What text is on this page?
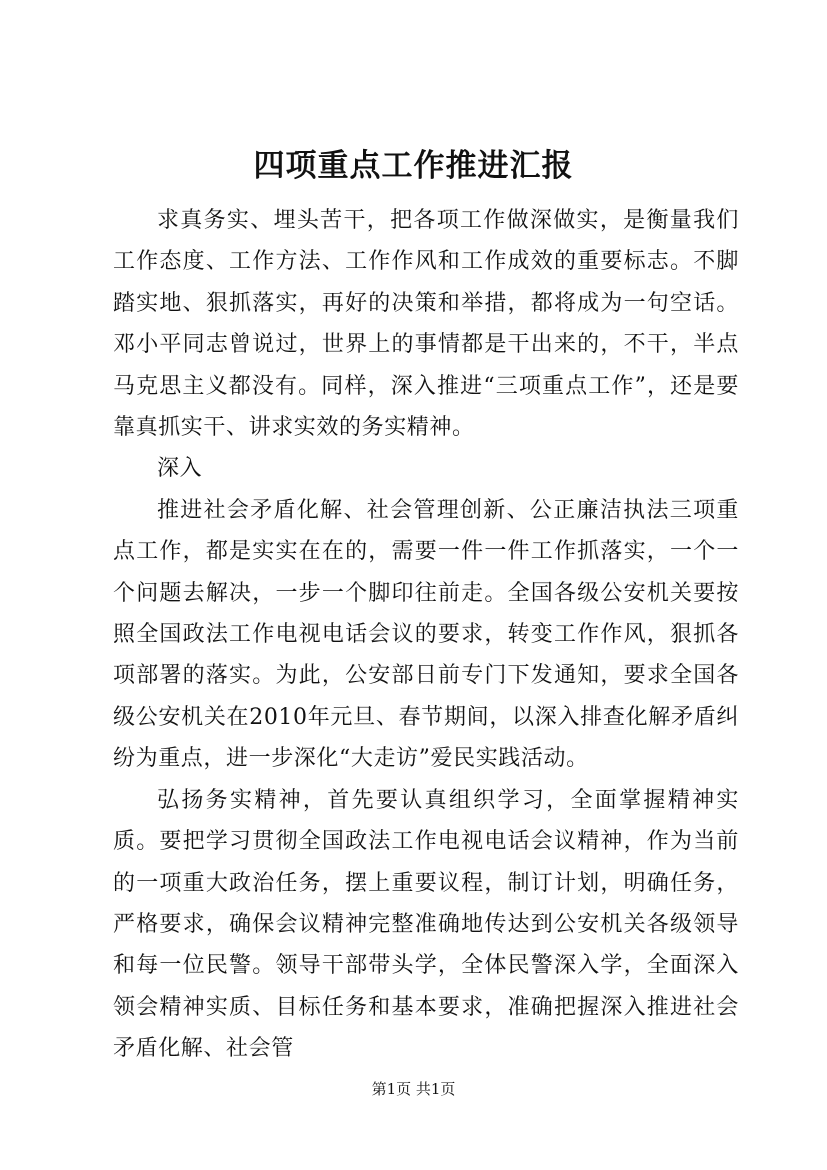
四项重点工作推进汇报

求真务实、埋头苦干，把各项工作做深做实，是衡量我们工作态度、工作方法、工作作风和工作成效的重要标志。不脚踏实地、狠抓落实，再好的决策和举措，都将成为一句空话。邓小平同志曾说过，世界上的事情都是干出来的，不干，半点马克思主义都没有。同样，深入推进“三项重点工作”，还是要靠真抓实干、讲求实效的务实精神。

深入

推进社会矛盾化解、社会管理创新、公正廉洁执法三项重点工作，都是实实在在的，需要一件一件工作抓落实，一个一个问题去解决，一步一个脚印往前走。全国各级公安机关要按照全国政法工作电视电话会议的要求，转变工作作风，狠抓各项部署的落实。为此，公安部日前专门下发通知，要求全国各级公安机关在2010年元旦、春节期间，以深入排查化解矛盾纠纷为重点，进一步深化“大走访”爱民实践活动。

弘扬务实精神，首先要认真组织学习，全面掌握精神实质。要把学习贯彻全国政法工作电视电话会议精神，作为当前的一项重大政治任务，摆上重要议程，制订计划，明确任务，严格要求，确保会议精神完整准确地传达到公安机关各级领导和每一位民警。领导干部带头学，全体民警深入学，全面深入领会精神实质、目标任务和基本要求，准确把握深入推进社会矛盾化解、社会管

第1页 共1页
